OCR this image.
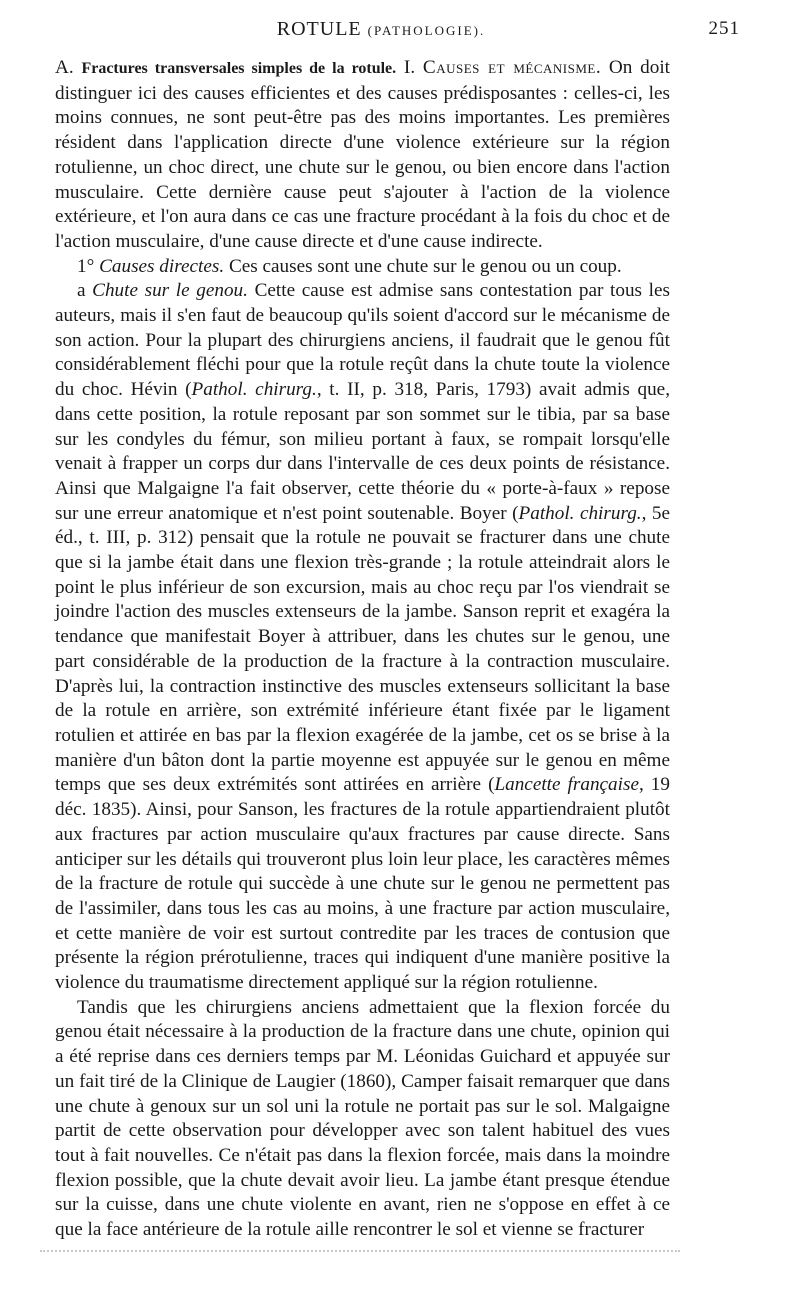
ROTULE (PATHOLOGIE).	251

A. Fractures transversales simples de la rotule. I. Causes et mécanisme. On doit distinguer ici des causes efficientes et des causes prédisposantes : celles-ci, les moins connues, ne sont peut-être pas des moins importantes. Les premières résident dans l'application directe d'une violence extérieure sur la région rotulienne, un choc direct, une chute sur le genou, ou bien encore dans l'action musculaire. Cette dernière cause peut s'ajouter à l'action de la violence extérieure, et l'on aura dans ce cas une fracture procédant à la fois du choc et de l'action musculaire, d'une cause directe et d'une cause indirecte.

1° Causes directes. Ces causes sont une chute sur le genou ou un coup.

a Chute sur le genou. Cette cause est admise sans contestation par tous les auteurs, mais il s'en faut de beaucoup qu'ils soient d'accord sur le mécanisme de son action. Pour la plupart des chirurgiens anciens, il faudrait que le genou fût considérablement fléchi pour que la rotule reçût dans la chute toute la violence du choc. Hévin (Pathol. chirurg., t. II, p. 318, Paris, 1793) avait admis que, dans cette position, la rotule reposant par son sommet sur le tibia, par sa base sur les condyles du fémur, son milieu portant à faux, se rompait lorsqu'elle venait à frapper un corps dur dans l'intervalle de ces deux points de résistance. Ainsi que Malgaigne l'a fait observer, cette théorie du « porte-à-faux » repose sur une erreur anatomique et n'est point soutenable. Boyer (Pathol. chirurg., 5e éd., t. III, p. 312) pensait que la rotule ne pouvait se fracturer dans une chute que si la jambe était dans une flexion très-grande ; la rotule atteindrait alors le point le plus inférieur de son excursion, mais au choc reçu par l'os viendrait se joindre l'action des muscles extenseurs de la jambe. Sanson reprit et exagéra la tendance que manifestait Boyer à attribuer, dans les chutes sur le genou, une part considérable de la production de la fracture à la contraction musculaire. D'après lui, la contraction instinctive des muscles extenseurs sollicitant la base de la rotule en arrière, son extrémité inférieure étant fixée par le ligament rotulien et attirée en bas par la flexion exagérée de la jambe, cet os se brise à la manière d'un bâton dont la partie moyenne est appuyée sur le genou en même temps que ses deux extrémités sont attirées en arrière (Lancette française, 19 déc. 1835). Ainsi, pour Sanson, les fractures de la rotule appartiendraient plutôt aux fractures par action musculaire qu'aux fractures par cause directe. Sans anticiper sur les détails qui trouveront plus loin leur place, les caractères mêmes de la fracture de rotule qui succède à une chute sur le genou ne permettent pas de l'assimiler, dans tous les cas au moins, à une fracture par action musculaire, et cette manière de voir est surtout contredite par les traces de contusion que présente la région prérotulienne, traces qui indiquent d'une manière positive la violence du traumatisme directement appliqué sur la région rotulienne.

Tandis que les chirurgiens anciens admettaient que la flexion forcée du genou était nécessaire à la production de la fracture dans une chute, opinion qui a été reprise dans ces derniers temps par M. Léonidas Guichard et appuyée sur un fait tiré de la Clinique de Laugier (1860), Camper faisait remarquer que dans une chute à genoux sur un sol uni la rotule ne portait pas sur le sol. Malgaigne partit de cette observation pour développer avec son talent habituel des vues tout à fait nouvelles. Ce n'était pas dans la flexion forcée, mais dans la moindre flexion possible, que la chute devait avoir lieu. La jambe étant presque étendue sur la cuisse, dans une chute violente en avant, rien ne s'oppose en effet à ce que la face antérieure de la rotule aille rencontrer le sol et vienne se fracturer
